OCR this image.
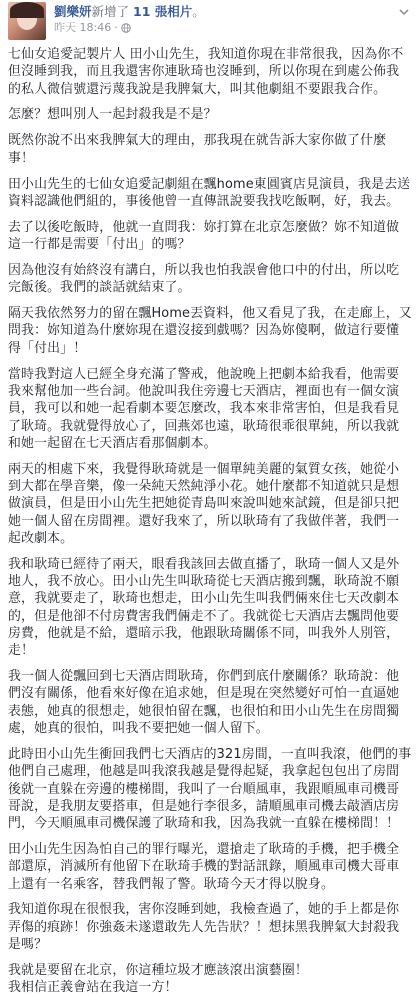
劉樂妍新增了 11 張相片。
昨天 18:46 ·

七仙女追愛記製片人 田小山先生，我知道你現在非常很我，因為你不但沒睡到我，而且我還害你連耿琦也沒睡到，所以你現在到處公佈我的私人微信號還污蔑我說是我脾氣大，叫其他劇組不要跟我合作。

怎麼？想叫別人一起封殺我是不是？

既然你說不出來我脾氣大的理由，那我現在就告訴大家你做了什麼事！

田小山先生的七仙女追愛記劇組在飄home東圓賓店見演員，我是去送資料認識他們組的，事後他曾一直傳訊說要我找吃飯啊，好，我去。

去了以後吃飯時，他就一直問我：妳打算在北京怎麼做？妳不知道做這一行都是需要「付出」的嗎？

因為他沒有始終沒有講白，所以我也怕我誤會他口中的付出，所以吃完飯後。我們的談話就結束了。

隔天我依然努力的留在飄Home丟資料，他又看見了我，在走廊上，又問我：妳知道為什麼妳現在還沒接到戲嗎？因為妳傻啊，做這行要懂得「付出」！

當時我對這人已經全身充滿了警戒，他說晚上把劇本給我看，他需要我來幫他加一些台詞。他說叫我住旁邊七天酒店，裡面也有一個女演員，我可以和她一起看劇本要怎麼改，我本來非常害怕，但是我看見了耿琦。我就覺得放心了，回燕郊也遠，耿琦很乖很單純，所以我就和她一起留在七天酒店看那個劇本。

兩天的相處下來，我覺得耿琦就是一個單純美麗的氣質女孩，她從小到大都在學音樂，像一朵純天然純淨小花。她什麼都不知道就只是想做演員，但是田小山先生把她從青島叫來說叫她來試鏡，但是卻只把她一個人留在房間裡。還好我來了，所以耿琦有了我做伴著，我們一起改劇本。

我和耿琦已經待了兩天，眼看我該回去做直播了，耿琦一個人又是外地人，我不放心。田小山先生叫耿琦從七天酒店搬到飄，耿琦說不願意，我就要走了，耿琦也想走，田小山先生叫我們倆來住七天改劇本的，但是他卻不付房費害我們倆走不了。我就從七天酒店去飄問他要房費，他就是不給，還暗示我，他跟耿琦關係不同，叫我外人別管，走！

我一個人從飄回到七天酒店問耿琦，你們到底什麼關係？耿琦說：他們沒有關係，他看來好像在追求她，但是現在突然變好可怕一直逼她表態，她真的很想走，她很怕留在飄，也很怕和田小山先生在房間獨處，她真的很怕，叫我不要把她一個人留下。

此時田小山先生衝回我們七天酒店的321房間，一直叫我滾，他們的事他們自己處理，他越是叫我滾我越是覺得起疑，我拿起包包出了房間後就一直躲在旁邊的樓梯間，我叫了一台順風車，我跟順風車司機哥哥說，是我朋友要搭車，但是她行李很多，請順風車司機去敲酒店房門，今天順風車司機保護了耿琦和我，因為我就一直躲在樓梯間！！

田小山先生因為怕自己的罪行曝光，還搶走了耿琦的手機，把手機全部還原，消滅所有他留下在耿琦手機的對話訊錄，順風車司機大哥車上還有一名乘客，替我們報了警。耿琦今天才得以脫身。

我知道你現在很恨我，害你沒睡到她，我檢查過了，她的手上都是你弄傷的痕跡！你強姦未遂還敢先人先告狀？！想抹黑我脾氣大封殺我是嗎？

我就是要留在北京，你這種垃圾才應該滾出演藝圈！
我相信正義會站在我這一方！
